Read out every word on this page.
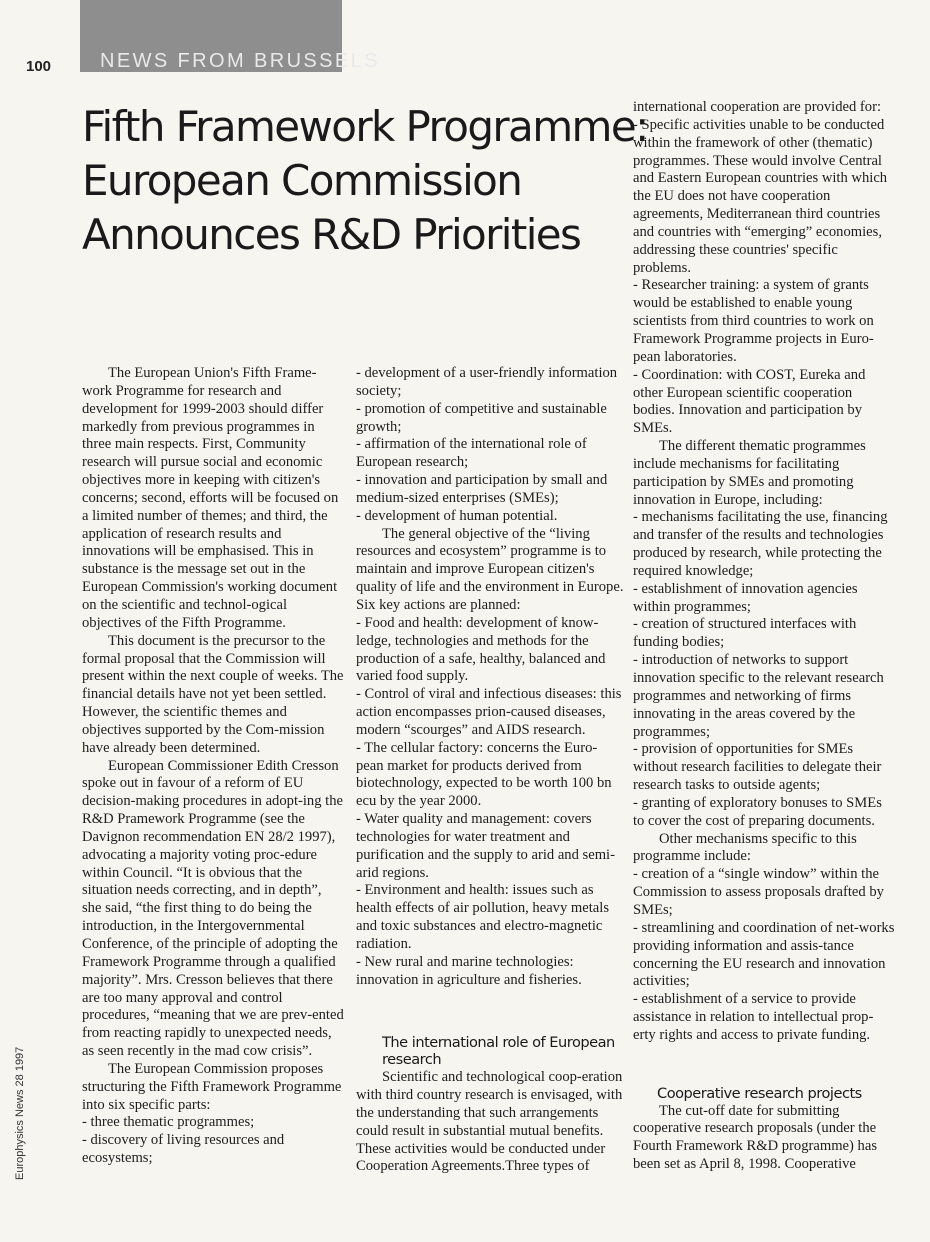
NEWS FROM BRUSSELS
100
Fifth Framework Programme:
European Commission
Announces R&D Priorities

The European Union's Fifth Frame-work Programme for research and development for 1999-2003 should differ markedly from previous programmes in three main respects. First, Community research will pursue social and economic objectives more in keeping with citizen's concerns; second, efforts will be focused on a limited number of themes; and third, the application of research results and innovations will be emphasised. This in substance is the message set out in the European Commission's working document on the scientific and technol-ogical objectives of the Fifth Programme.

This document is the precursor to the formal proposal that the Commission will present within the next couple of weeks. The financial details have not yet been settled. However, the scientific themes and objectives supported by the Com-mission have already been determined.

European Commissioner Edith Cresson spoke out in favour of a reform of EU decision-making procedures in adopt-ing the R&D Pramework Programme (see the Davignon recommendation EN 28/2 1997), advocating a majority voting proc-edure within Council. “It is obvious that the situation needs correcting, and in depth”, she said, “the first thing to do being the introduction, in the Intergovernmental Conference, of the principle of adopting the Framework Programme through a qualified majority”. Mrs. Cresson believes that there are too many approval and control procedures, “meaning that we are prev-ented from reacting rapidly to unexpected needs, as seen recently in the mad cow crisis”.

The European Commission proposes structuring the Fifth Framework Programme into six specific parts:

- three thematic programmes;

- discovery of living resources and ecosystems;

- development of a user-friendly information society;

- promotion of competitive and sustainable growth;

- affirmation of the international role of European research;

- innovation and participation by small and medium-sized enterprises (SMEs);

- development of human potential.

The general objective of the “living resources and ecosystem” programme is to maintain and improve European citizen's quality of life and the environment in Europe. Six key actions are planned:

- Food and health: development of know-ledge, technologies and methods for the production of a safe, healthy, balanced and varied food supply.

- Control of viral and infectious diseases: this action encompasses prion-caused diseases, modern “scourges” and AIDS research.

- The cellular factory: concerns the Euro-pean market for products derived from biotechnology, expected to be worth 100 bn ecu by the year 2000.

- Water quality and management: covers technologies for water treatment and purification and the supply to arid and semi-arid regions.

- Environment and health: issues such as health effects of air pollution, heavy metals and toxic substances and electro-magnetic radiation.

- New rural and marine technologies: innovation in agriculture and fisheries.

The international role of European research

Scientific and technological coop-eration with third country research is envisaged, with the understanding that such arrangements could result in substantial mutual benefits. These activities would be conducted under Cooperation Agreements.Three types of

international cooperation are provided for:

- Specific activities unable to be conducted within the framework of other (thematic) programmes. These would involve Central and Eastern European countries with which the EU does not have cooperation agreements, Mediterranean third countries and countries with “emerging” economies, addressing these countries' specific problems.

- Researcher training: a system of grants would be established to enable young scientists from third countries to work on Framework Programme projects in Euro-pean laboratories.

- Coordination: with COST, Eureka and other European scientific cooperation bodies. Innovation and participation by SMEs.

The different thematic programmes include mechanisms for facilitating participation by SMEs and promoting innovation in Europe, including:

- mechanisms facilitating the use, financing and transfer of the results and technologies produced by research, while protecting the required knowledge;

- establishment of innovation agencies within programmes;

- creation of structured interfaces with funding bodies;

- introduction of networks to support innovation specific to the relevant research programmes and networking of firms innovating in the areas covered by the programmes;

- provision of opportunities for SMEs without research facilities to delegate their research tasks to outside agents;

- granting of exploratory bonuses to SMEs to cover the cost of preparing documents.

Other mechanisms specific to this programme include:

- creation of a “single window” within the Commission to assess proposals drafted by SMEs;

- streamlining and coordination of net-works providing information and assis-tance concerning the EU research and innovation activities;

- establishment of a service to provide assistance in relation to intellectual prop-erty rights and access to private funding.

Cooperative research projects

The cut-off date for submitting cooperative research proposals (under the Fourth Framework R&D programme) has been set as April 8, 1998. Cooperative

Europhysics News 28 1997
